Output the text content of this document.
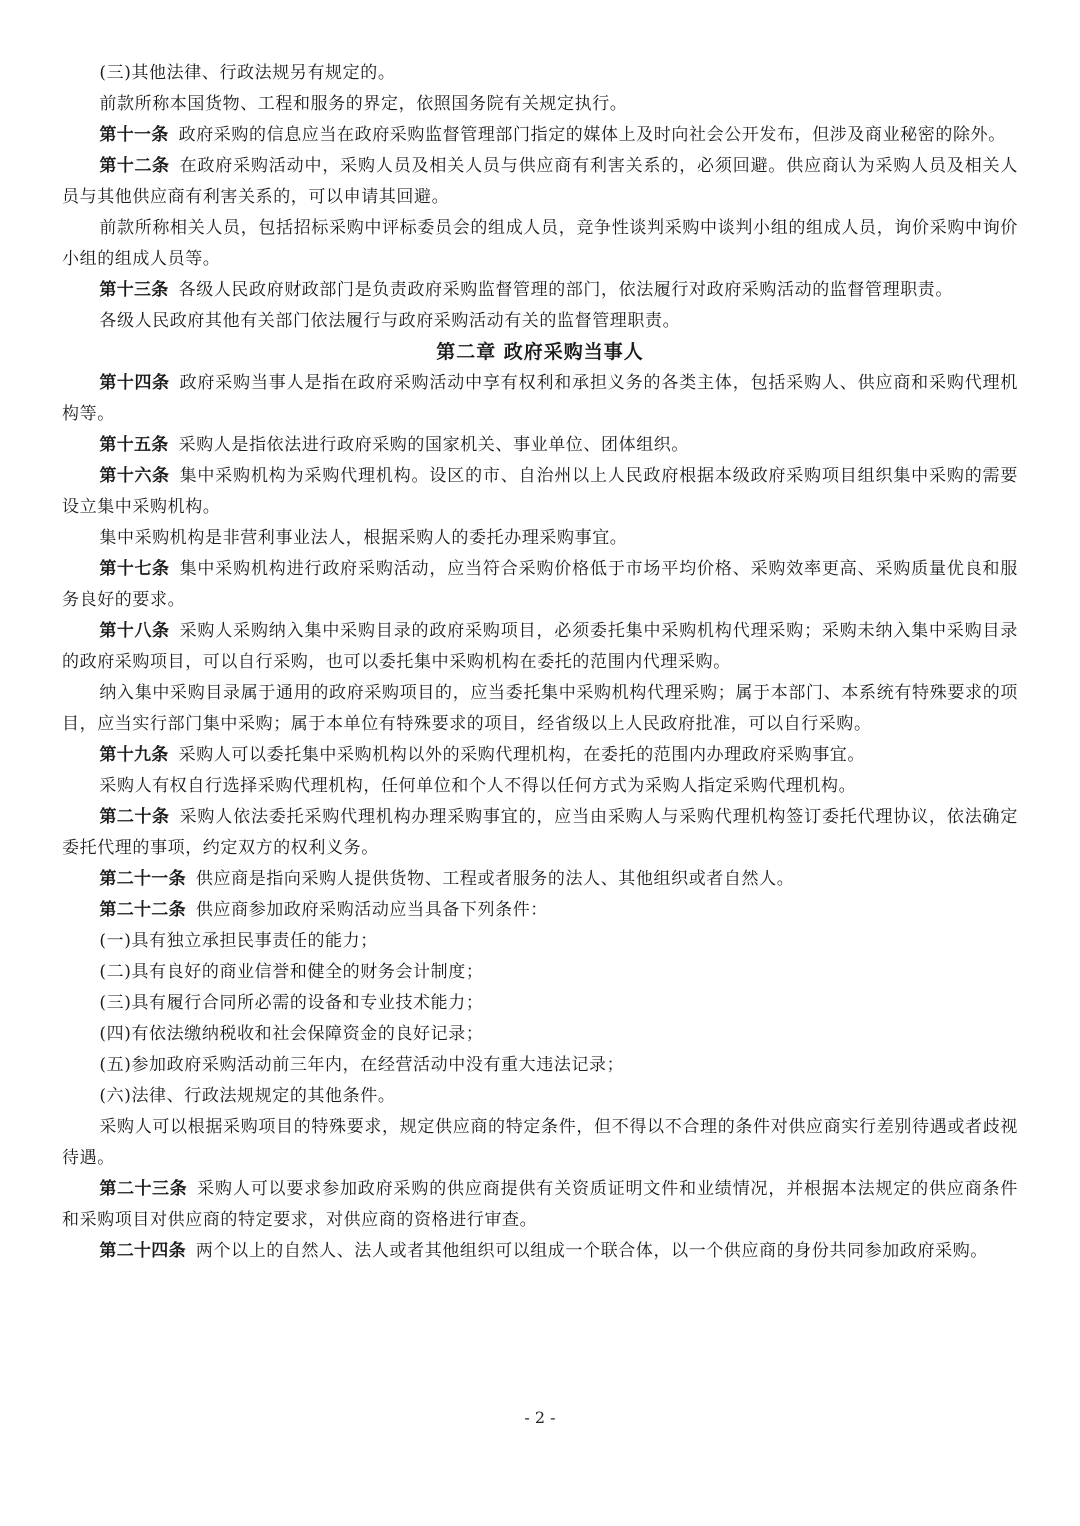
(三)其他法律、行政法规另有规定的。

前款所称本国货物、工程和服务的界定，依照国务院有关规定执行。

第十一条 政府采购的信息应当在政府采购监督管理部门指定的媒体上及时向社会公开发布，但涉及商业秘密的除外。

第十二条 在政府采购活动中，采购人员及相关人员与供应商有利害关系的，必须回避。供应商认为采购人员及相关人员与其他供应商有利害关系的，可以申请其回避。

前款所称相关人员，包括招标采购中评标委员会的组成人员，竞争性谈判采购中谈判小组的组成人员，询价采购中询价小组的组成人员等。

第十三条 各级人民政府财政部门是负责政府采购监督管理的部门，依法履行对政府采购活动的监督管理职责。

各级人民政府其他有关部门依法履行与政府采购活动有关的监督管理职责。

第二章 政府采购当事人

第十四条 政府采购当事人是指在政府采购活动中享有权利和承担义务的各类主体，包括采购人、供应商和采购代理机构等。

第十五条 采购人是指依法进行政府采购的国家机关、事业单位、团体组织。

第十六条 集中采购机构为采购代理机构。设区的市、自治州以上人民政府根据本级政府采购项目组织集中采购的需要设立集中采购机构。

集中采购机构是非营利事业法人，根据采购人的委托办理采购事宜。

第十七条 集中采购机构进行政府采购活动，应当符合采购价格低于市场平均价格、采购效率更高、采购质量优良和服务良好的要求。

第十八条 采购人采购纳入集中采购目录的政府采购项目，必须委托集中采购机构代理采购；采购未纳入集中采购目录的政府采购项目，可以自行采购，也可以委托集中采购机构在委托的范围内代理采购。

纳入集中采购目录属于通用的政府采购项目的，应当委托集中采购机构代理采购；属于本部门、本系统有特殊要求的项目，应当实行部门集中采购；属于本单位有特殊要求的项目，经省级以上人民政府批准，可以自行采购。

第十九条 采购人可以委托集中采购机构以外的采购代理机构，在委托的范围内办理政府采购事宜。

采购人有权自行选择采购代理机构，任何单位和个人不得以任何方式为采购人指定采购代理机构。

第二十条 采购人依法委托采购代理机构办理采购事宜的，应当由采购人与采购代理机构签订委托代理协议，依法确定委托代理的事项，约定双方的权利义务。

第二十一条 供应商是指向采购人提供货物、工程或者服务的法人、其他组织或者自然人。

第二十二条 供应商参加政府采购活动应当具备下列条件：

(一)具有独立承担民事责任的能力；

(二)具有良好的商业信誉和健全的财务会计制度；

(三)具有履行合同所必需的设备和专业技术能力；

(四)有依法缴纳税收和社会保障资金的良好记录；

(五)参加政府采购活动前三年内，在经营活动中没有重大违法记录；

(六)法律、行政法规规定的其他条件。

采购人可以根据采购项目的特殊要求，规定供应商的特定条件，但不得以不合理的条件对供应商实行差别待遇或者歧视待遇。

第二十三条 采购人可以要求参加政府采购的供应商提供有关资质证明文件和业绩情况，并根据本法规定的供应商条件和采购项目对供应商的特定要求，对供应商的资格进行审查。

第二十四条 两个以上的自然人、法人或者其他组织可以组成一个联合体，以一个供应商的身份共同参加政府采购。

- 2 -
